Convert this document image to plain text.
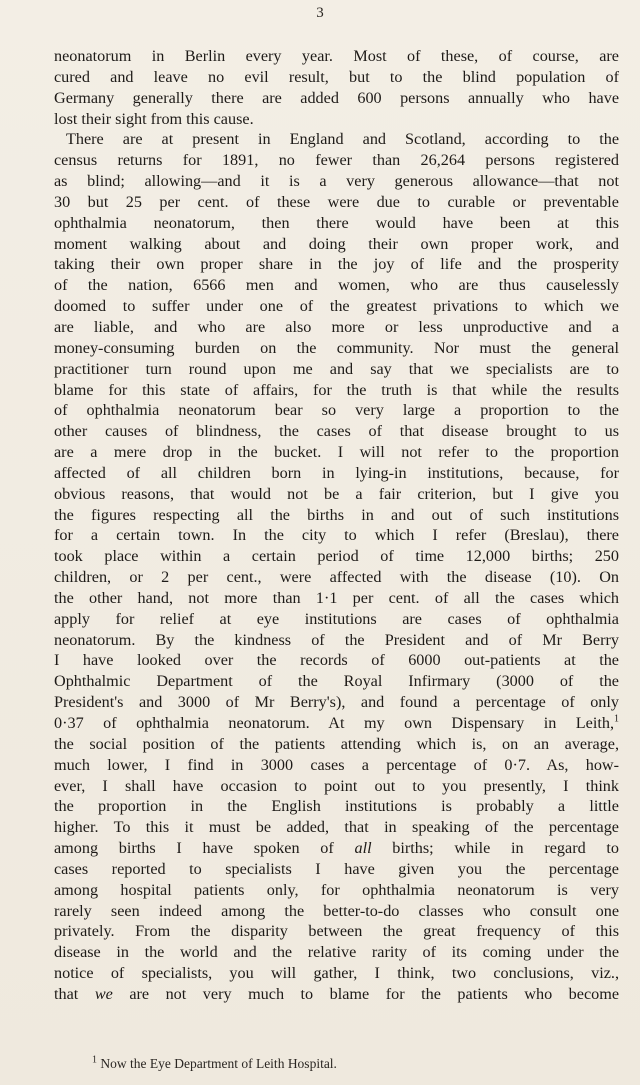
3
neonatorum in Berlin every year. Most of these, of course, are
cured and leave no evil result, but to the blind population of
Germany generally there are added 600 persons annually who have
lost their sight from this cause.
There are at present in England and Scotland, according to the
census returns for 1891, no fewer than 26,264 persons registered
as blind; allowing—and it is a very generous allowance—that not
30 but 25 per cent. of these were due to curable or preventable
ophthalmia neonatorum, then there would have been at this
moment walking about and doing their own proper work, and
taking their own proper share in the joy of life and the prosperity
of the nation, 6566 men and women, who are thus causelessly
doomed to suffer under one of the greatest privations to which we
are liable, and who are also more or less unproductive and a
money-consuming burden on the community. Nor must the general
practitioner turn round upon me and say that we specialists are to
blame for this state of affairs, for the truth is that while the results
of ophthalmia neonatorum bear so very large a proportion to the
other causes of blindness, the cases of that disease brought to us
are a mere drop in the bucket. I will not refer to the proportion
affected of all children born in lying-in institutions, because, for
obvious reasons, that would not be a fair criterion, but I give you
the figures respecting all the births in and out of such institutions
for a certain town. In the city to which I refer (Breslau), there
took place within a certain period of time 12,000 births; 250
children, or 2 per cent., were affected with the disease (10). On
the other hand, not more than 1·1 per cent. of all the cases which
apply for relief at eye institutions are cases of ophthalmia
neonatorum. By the kindness of the President and of Mr Berry
I have looked over the records of 6000 out-patients at the
Ophthalmic Department of the Royal Infirmary (3000 of the
President's and 3000 of Mr Berry's), and found a percentage of only
0·37 of ophthalmia neonatorum. At my own Dispensary in Leith,$^1$
the social position of the patients attending which is, on an average,
much lower, I find in 3000 cases a percentage of 0·7. As, how-
ever, I shall have occasion to point out to you presently, I think
the proportion in the English institutions is probably a little
higher. To this it must be added, that in speaking of the percentage
among births I have spoken of all births; while in regard to
cases reported to specialists I have given you the percentage
among hospital patients only, for ophthalmia neonatorum is very
rarely seen indeed among the better-to-do classes who consult one
privately. From the disparity between the great frequency of this
disease in the world and the relative rarity of its coming under the
notice of specialists, you will gather, I think, two conclusions, viz.,
that we are not very much to blame for the patients who become
$^1$ Now the Eye Department of Leith Hospital.
